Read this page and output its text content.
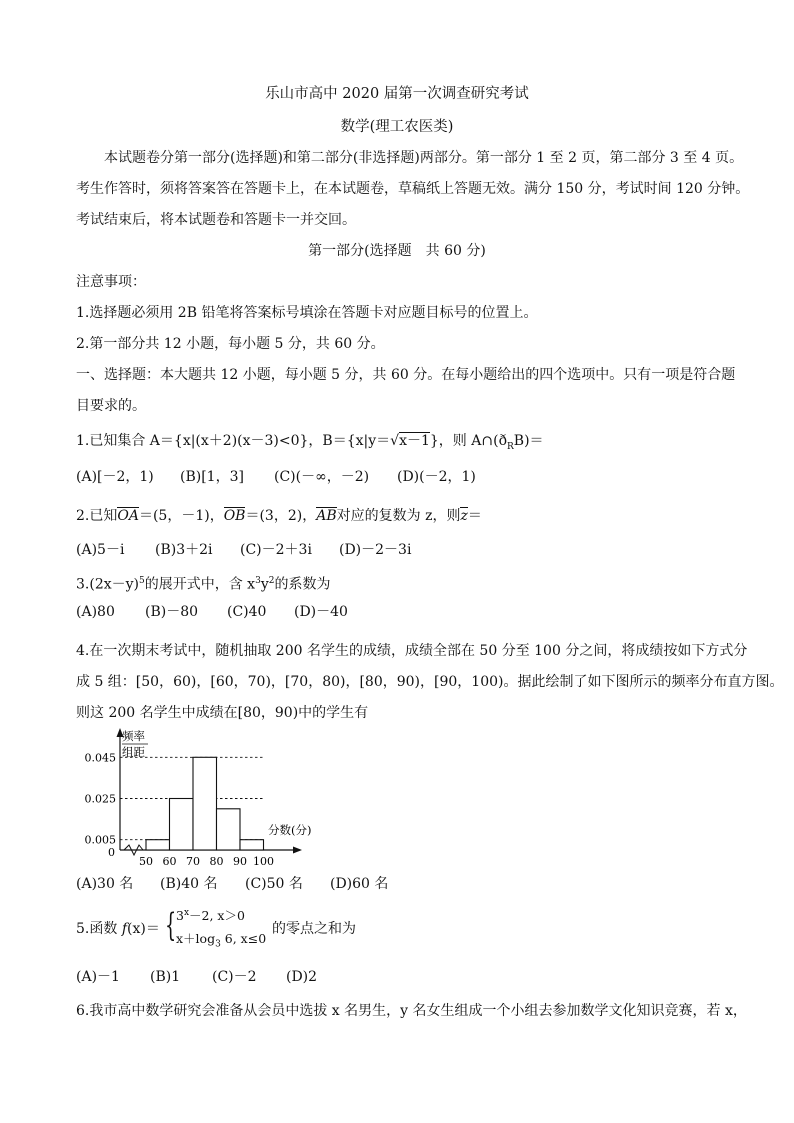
乐山市高中 2020 届第一次调查研究考试
数学(理工农医类)
本试题卷分第一部分(选择题)和第二部分(非选择题)两部分。第一部分 1 至 2 页，第二部分 3 至 4 页。
考生作答时，须将答案答在答题卡上，在本试题卷，草稿纸上答题无效。满分 150 分，考试时间 120 分钟。
考试结束后，将本试题卷和答题卡一并交回。
第一部分(选择题　共 60 分)
注意事项：
1.选择题必须用 2B 铅笔将答案标号填涂在答题卡对应题目标号的位置上。
2.第一部分共 12 小题，每小题 5 分，共 60 分。
一、选择题：本大题共 12 小题，每小题 5 分，共 60 分。在每小题给出的四个选项中。只有一项是符合题
目要求的。
1.已知集合 A＝{x|(x＋2)(x－3)<0}，B＝{x|y＝√x－1}，则 $A\cap(ð_RB)=$
(A)[－2，1) (B)[1，3] (C)(－∞，－2) (D)(－2，1)
2.已知OA＝(5，－1)，OB＝(3，2)，AB对应的复数为 z，则z＝
(A)5－i (B)3＋2i (C)－2＋3i (D)－2－3i
$3.(2x-y)^5$的展开式中，含 $x^3y^2$的系数为
(A)80 (B)－80 (C)40 (D)－40
4.在一次期末考试中，随机抽取 200 名学生的成绩，成绩全部在 50 分至 100 分之间，将成绩按如下方式分
成 5 组：[50，60)，[60，70)，[70，80)，[80，90)，[90，100)。据此绘制了如下图所示的频率分布直方图。
则这 200 名学生中成绩在[80，90)中的学生有
0
频率
组距
分数(分)
0.005
0.025
0.045
50 60 70 80 90 100
(A)30 名 (B)40 名 (C)50 名 (D)60 名
5.函数 f(x)＝ { $3^x-2$, x＞0
$x+\log_3$ 6, x≤0
的零点之和为
(A)－1 (B)1 (C)－2 (D)2
6.我市高中数学研究会准备从会员中选拔 x 名男生，y 名女生组成一个小组去参加数学文化知识竞赛，若 x，
